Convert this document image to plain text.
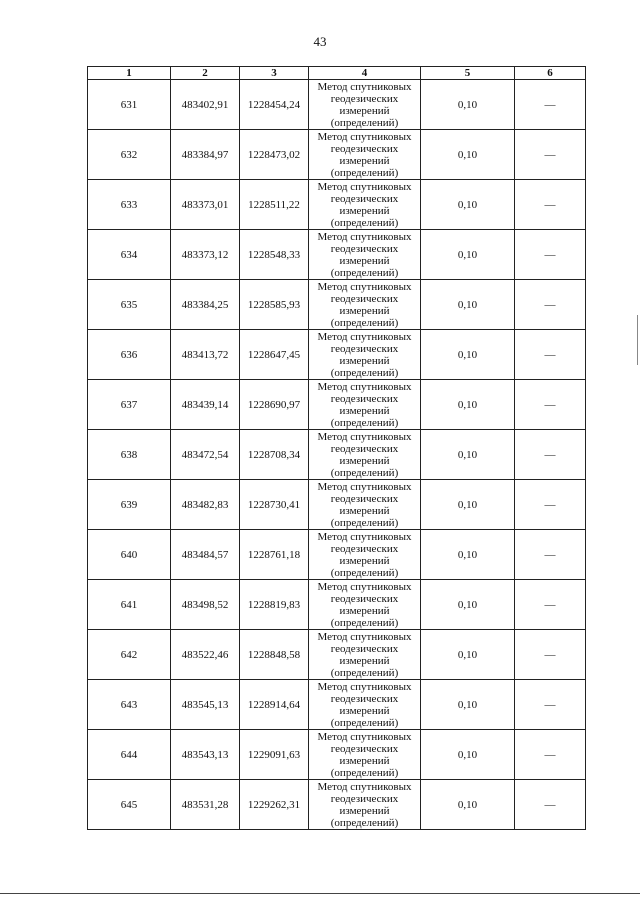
43
1	2	3	4	5	6
631	483402,91	1228454,24	Метод спутниковых
геодезических
измерений
(определений)	0,10	—
632	483384,97	1228473,02	Метод спутниковых
геодезических
измерений
(определений)	0,10	—
633	483373,01	1228511,22	Метод спутниковых
геодезических
измерений
(определений)	0,10	—
634	483373,12	1228548,33	Метод спутниковых
геодезических
измерений
(определений)	0,10	—
635	483384,25	1228585,93	Метод спутниковых
геодезических
измерений
(определений)	0,10	—
636	483413,72	1228647,45	Метод спутниковых
геодезических
измерений
(определений)	0,10	—
637	483439,14	1228690,97	Метод спутниковых
геодезических
измерений
(определений)	0,10	—
638	483472,54	1228708,34	Метод спутниковых
геодезических
измерений
(определений)	0,10	—
639	483482,83	1228730,41	Метод спутниковых
геодезических
измерений
(определений)	0,10	—
640	483484,57	1228761,18	Метод спутниковых
геодезических
измерений
(определений)	0,10	—
641	483498,52	1228819,83	Метод спутниковых
геодезических
измерений
(определений)	0,10	—
642	483522,46	1228848,58	Метод спутниковых
геодезических
измерений
(определений)	0,10	—
643	483545,13	1228914,64	Метод спутниковых
геодезических
измерений
(определений)	0,10	—
644	483543,13	1229091,63	Метод спутниковых
геодезических
измерений
(определений)	0,10	—
645	483531,28	1229262,31	Метод спутниковых
геодезических
измерений
(определений)	0,10	—
